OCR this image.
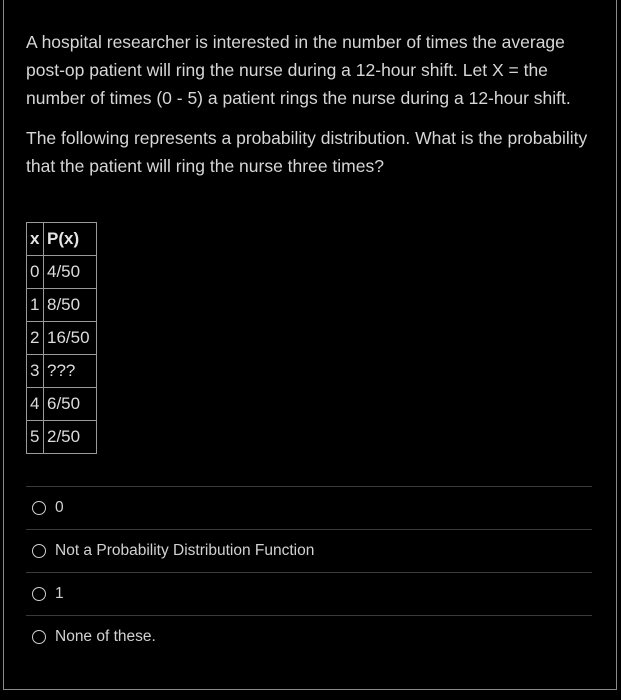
A hospital researcher is interested in the number of times the average post-op patient will ring the nurse during a 12-hour shift. Let X = the number of times (0 - 5) a patient rings the nurse during a 12-hour shift.

The following represents a probability distribution. What is the probability that the patient will ring the nurse three times?

x	P(x)
0	4/50
1	8/50
2	16/50
3	???
4	6/50
5	2/50
0
Not a Probability Distribution Function
1
None of these.
